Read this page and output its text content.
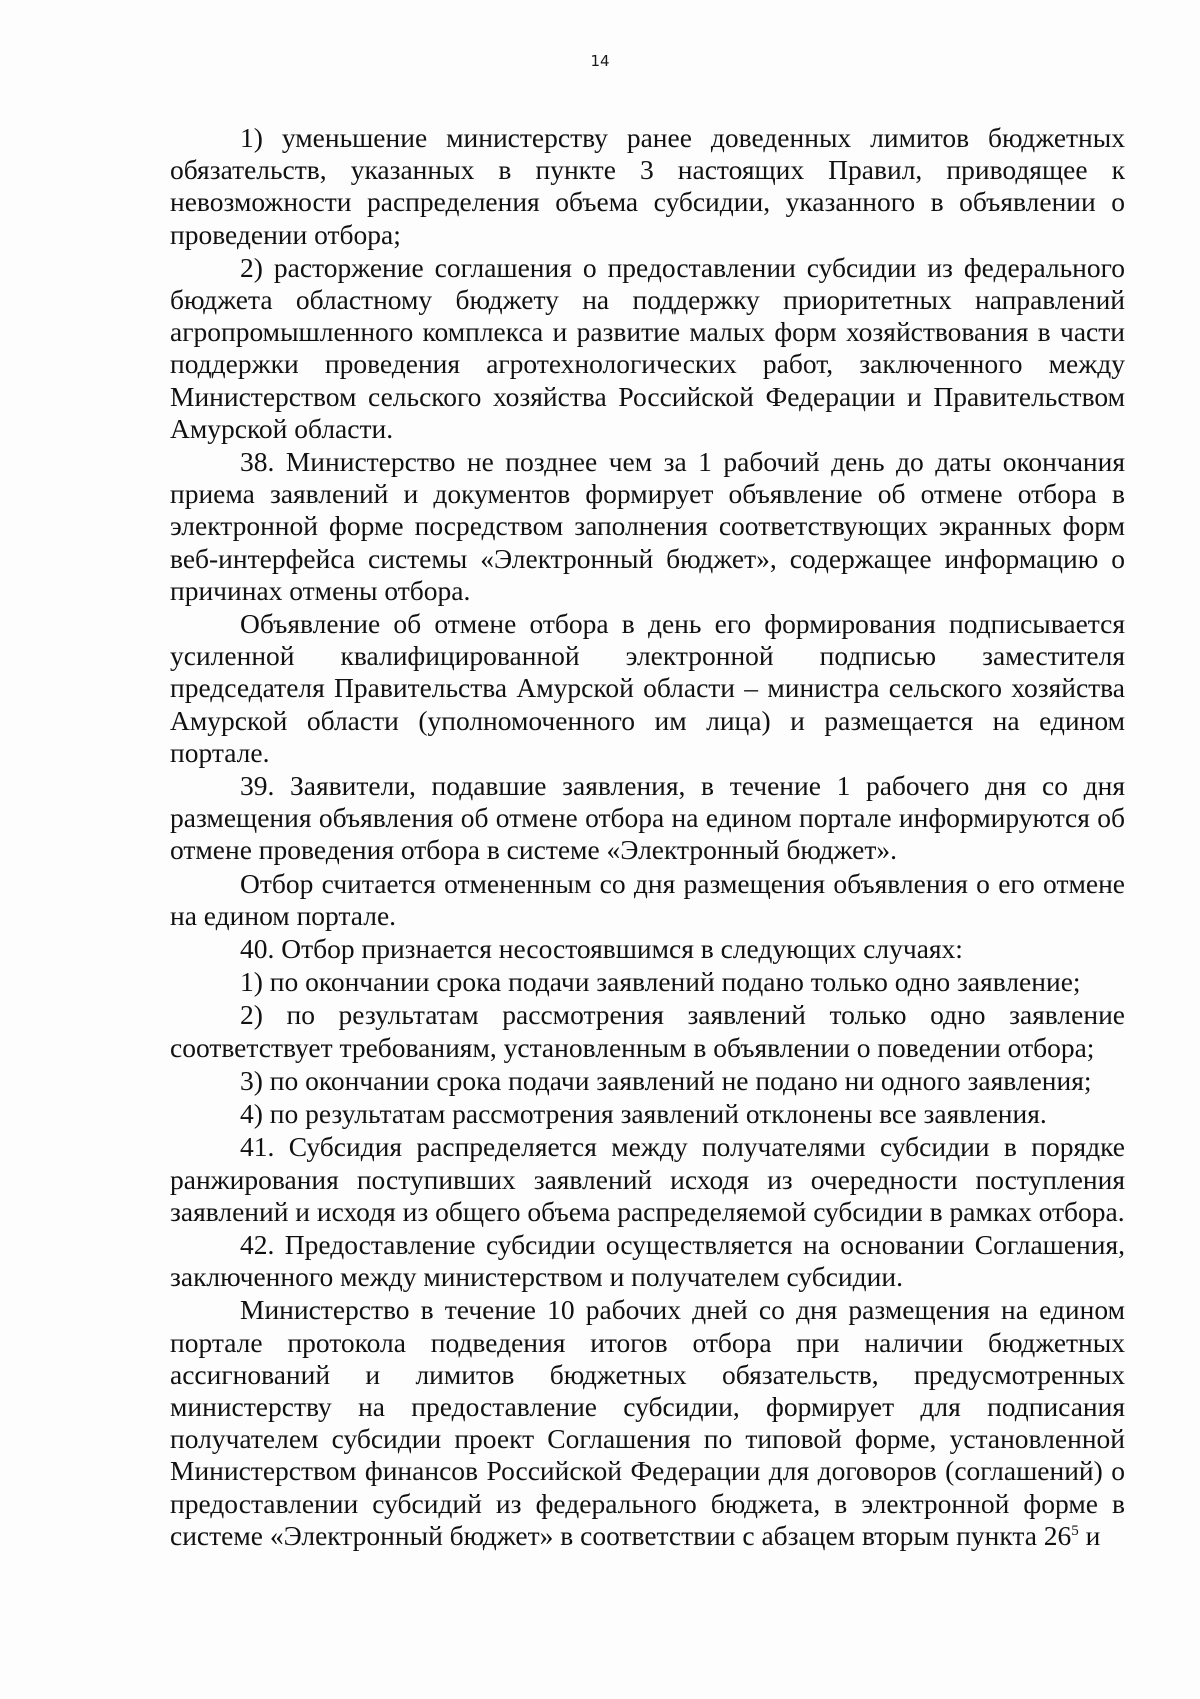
14

1) уменьшение министерству ранее доведенных лимитов бюджетных обязательств, указанных в пункте 3 настоящих Правил, приводящее к невозможности распределения объема субсидии, указанного в объявлении о проведении отбора;

2) расторжение соглашения о предоставлении субсидии из федерального бюджета областному бюджету на поддержку приоритетных направлений агропромышленного комплекса и развитие малых форм хозяйствования в части поддержки проведения агротехнологических работ, заключенного между Министерством сельского хозяйства Российской Федерации и Правительством Амурской области.

38. Министерство не позднее чем за 1 рабочий день до даты окончания приема заявлений и документов формирует объявление об отмене отбора в электронной форме посредством заполнения соответствующих экранных форм веб-интерфейса системы «Электронный бюджет», содержащее информацию о причинах отмены отбора.

Объявление об отмене отбора в день его формирования подписывается усиленной квалифицированной электронной подписью заместителя председателя Правительства Амурской области – министра сельского хозяйства Амурской области (уполномоченного им лица) и размещается на едином портале.

39. Заявители, подавшие заявления, в течение 1 рабочего дня со дня размещения объявления об отмене отбора на едином портале информируются об отмене проведения отбора в системе «Электронный бюджет».

Отбор считается отмененным со дня размещения объявления о его отмене на едином портале.

40. Отбор признается несостоявшимся в следующих случаях:

1) по окончании срока подачи заявлений подано только одно заявление;

2) по результатам рассмотрения заявлений только одно заявление соответствует требованиям, установленным в объявлении о поведении отбора;

3) по окончании срока подачи заявлений не подано ни одного заявления;

4) по результатам рассмотрения заявлений отклонены все заявления.

41. Субсидия распределяется между получателями субсидии в порядке ранжирования поступивших заявлений исходя из очередности поступления заявлений и исходя из общего объема распределяемой субсидии в рамках отбора.

42. Предоставление субсидии осуществляется на основании Соглашения, заключенного между министерством и получателем субсидии.

Министерство в течение 10 рабочих дней со дня размещения на едином портале протокола подведения итогов отбора при наличии бюджетных ассигнований и лимитов бюджетных обязательств, предусмотренных министерству на предоставление субсидии, формирует для подписания получателем субсидии проект Соглашения по типовой форме, установленной Министерством финансов Российской Федерации для договоров (соглашений) о предоставлении субсидий из федерального бюджета, в электронной форме в системе «Электронный бюджет» в соответствии с абзацем вторым пункта 26$^5$ и
